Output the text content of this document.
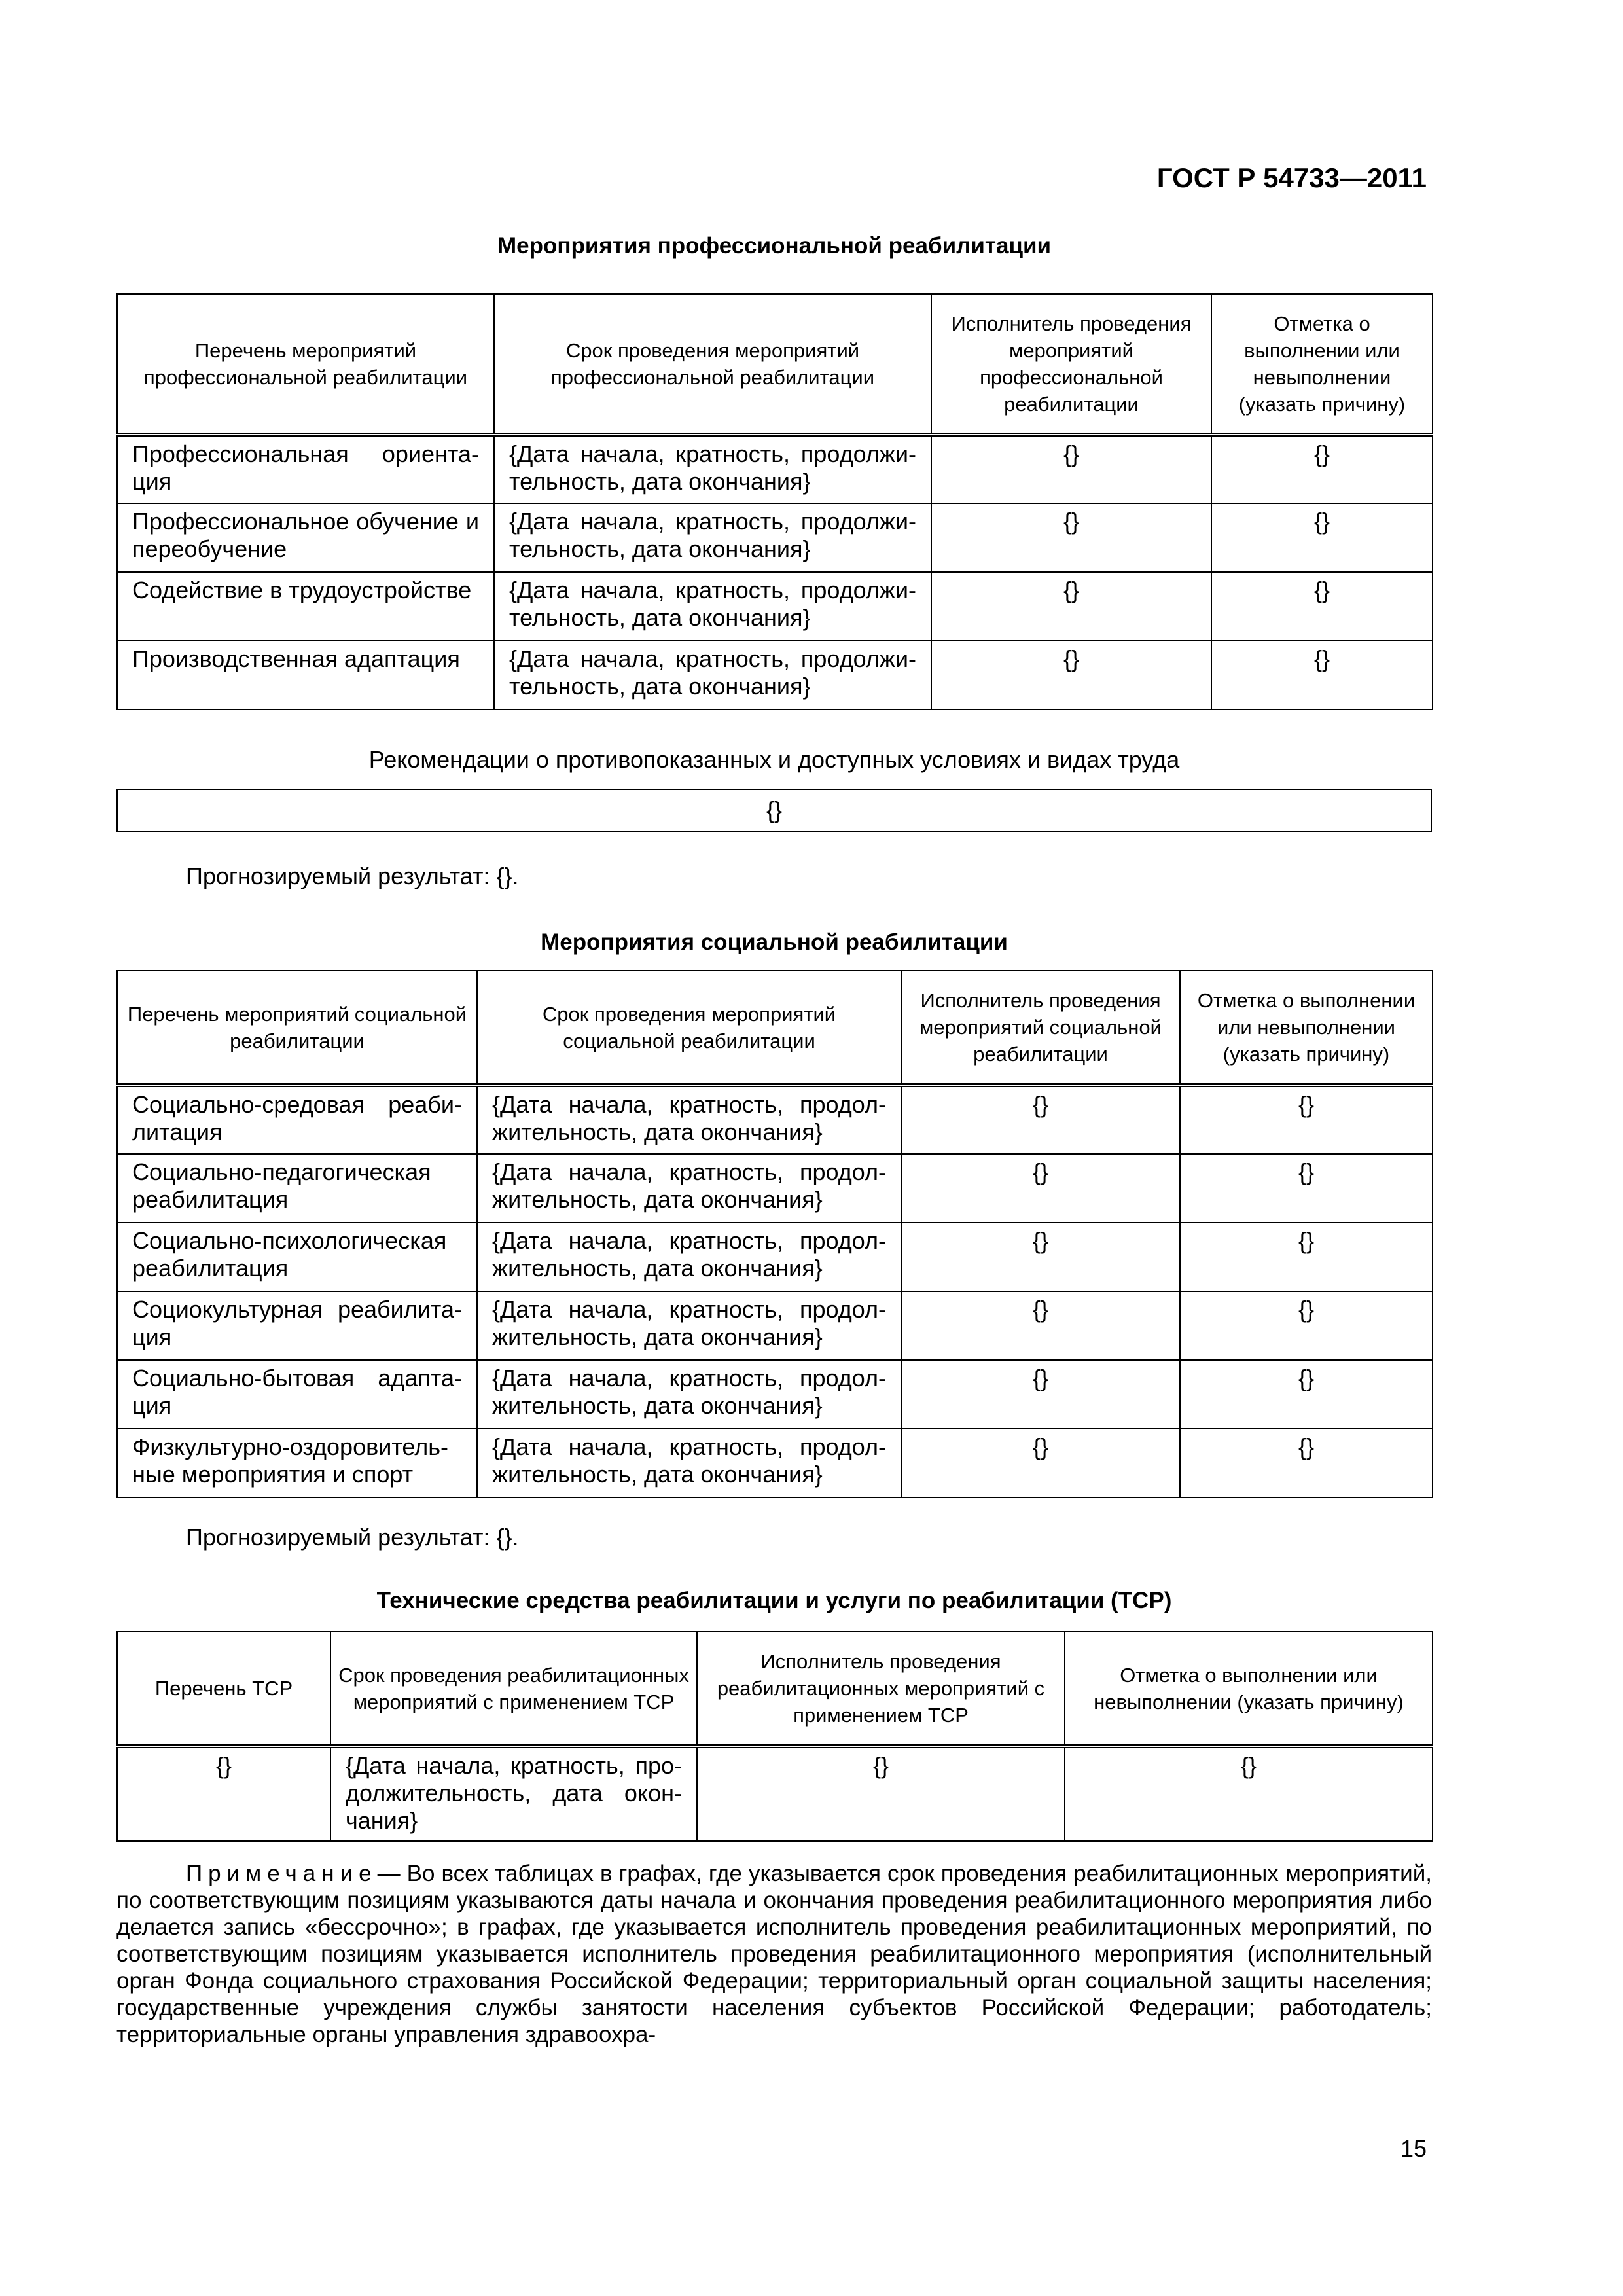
ГОСТ Р 54733—2011
Мероприятия профессиональной реабилитации
Перечень мероприятий профессиональной реабилитации	Срок проведения мероприятий профессиональной реабилитации	Исполнитель проведения мероприятий профессиональной реабилитации	Отметка о выполнении или невыполнении (указать причину)
Профессиональная ориентация	{Дата начала, кратность, продолжительность, дата окончания}	{}	{}
Профессиональное обучение и переобучение	{Дата начала, кратность, продолжительность, дата окончания}	{}	{}
Содействие в трудоустройстве	{Дата начала, кратность, продолжительность, дата окончания}	{}	{}
Производственная адаптация	{Дата начала, кратность, продолжительность, дата окончания}	{}	{}
Рекомендации о противопоказанных и доступных условиях и видах труда
{}
Прогнозируемый результат: {}.
Мероприятия социальной реабилитации
Перечень мероприятий социальной реабилитации	Срок проведения мероприятий социальной реабилитации	Исполнитель проведения мероприятий социальной реабилитации	Отметка о выполнении или невыполнении (указать причину)
Социально-средовая реабилитация	{Дата начала, кратность, продолжительность, дата окончания}	{}	{}
Социально-педагогическая реабилитация	{Дата начала, кратность, продолжительность, дата окончания}	{}	{}
Социально-психологическая реабилитация	{Дата начала, кратность, продолжительность, дата окончания}	{}	{}
Социокультурная реабилитация	{Дата начала, кратность, продолжительность, дата окончания}	{}	{}
Социально-бытовая адаптация	{Дата начала, кратность, продолжительность, дата окончания}	{}	{}
Физкультурно-оздоровительные мероприятия и спорт	{Дата начала, кратность, продолжительность, дата окончания}	{}	{}
Прогнозируемый результат: {}.
Технические средства реабилитации и услуги по реабилитации (ТСР)
Перечень ТСР	Срок проведения реабилитационных мероприятий с применением ТСР	Исполнитель проведения реабилитационных мероприятий с применением ТСР	Отметка о выполнении или невыполнении (указать причину)
{}	{Дата начала, кратность, продолжительность, дата окончания}	{}	{}
Примечание— Во всех таблицах в графах, где указывается срок проведения реабилитационных мероприятий, по соответствующим позициям указываются даты начала и окончания проведения реабилитационного мероприятия либо делается запись «бессрочно»; в графах, где указывается исполнитель проведения реабилитационных мероприятий, по соответствующим позициям указывается исполнитель проведения реабилитационного мероприятия (исполнительный орган Фонда социального страхования Российской Федерации; территориальный орган социальной защиты населения; государственные учреждения службы занятости населения субъектов Российской Федерации; работодатель; территориальные органы управления здравоохра-
15
